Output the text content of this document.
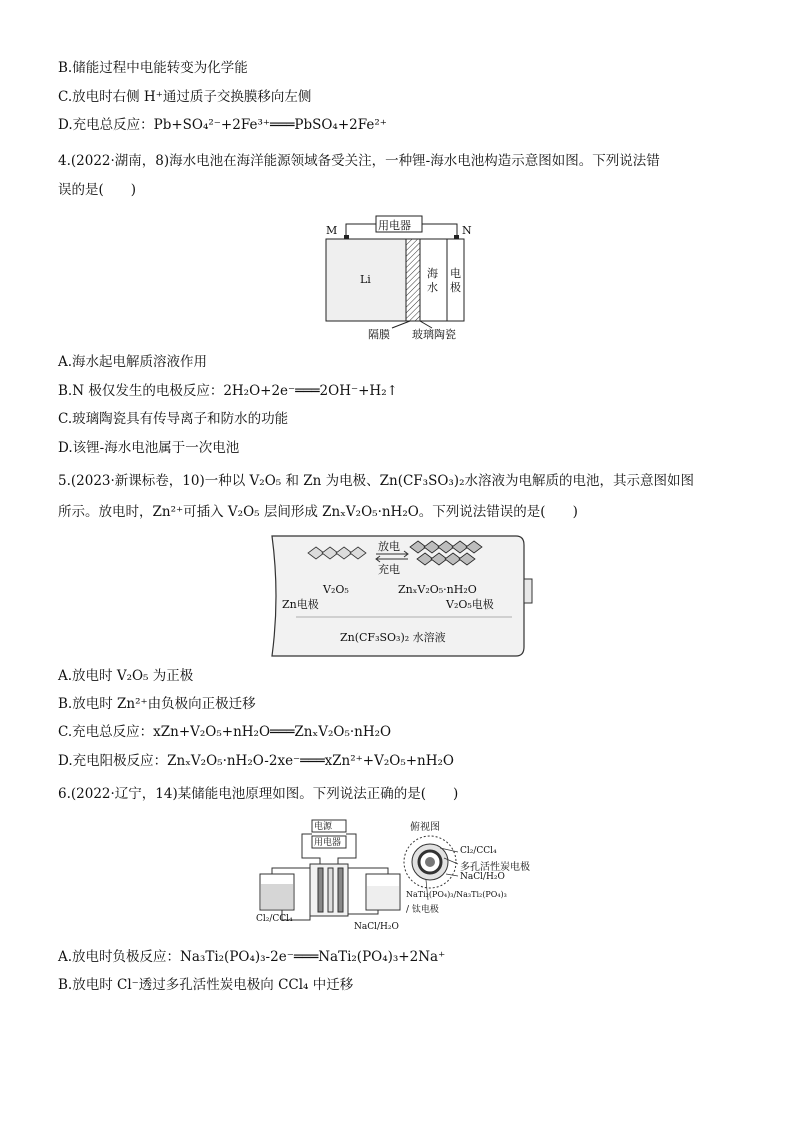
B.储能过程中电能转变为化学能
C.放电时右侧 H⁺通过质子交换膜移向左侧
D.充电总反应：Pb+SO₄²⁻+2Fe³⁺═══PbSO₄+2Fe²⁺
4.(2022·湖南，8)海水电池在海洋能源领域备受关注，一种锂-海水电池构造示意图如图。下列说法错
误的是(　　)
用电器
M	N
Li	海
水
电
极
隔膜 玻璃陶瓷
A.海水起电解质溶液作用
B.N 极仅发生的电极反应：2H₂O+2e⁻═══2OH⁻+H₂↑
C.玻璃陶瓷具有传导离子和防水的功能
D.该锂-海水电池属于一次电池
5.(2023·新课标卷，10)一种以 V₂O₅ 和 Zn 为电极、Zn(CF₃SO₃)₂水溶液为电解质的电池，其示意图如图
所示。放电时，Zn²⁺可插入 V₂O₅ 层间形成 ZnₓV₂O₅·nH₂O。下列说法错误的是(　　)
放电
充电
V₂O₅	ZnₓV₂O₅·nH₂O
Zn电极	V₂O₅电极
Zn(CF₃SO₃)₂ 水溶液
A.放电时 V₂O₅ 为正极
B.放电时 Zn²⁺由负极向正极迁移
C.充电总反应：xZn+V₂O₅+nH₂O═══ZnₓV₂O₅·nH₂O
D.充电阳极反应：ZnₓV₂O₅·nH₂O-2xe⁻═══xZn²⁺+V₂O₅+nH₂O
6.(2022·辽宁，14)某储能电池原理如图。下列说法正确的是(　　)
电源
用电器
俯视图
Cl₂/CCl₄
多孔活性炭电极
NaCl/H₂O
NaTi₂(PO₄)₃/Na₃Ti₂(PO₄)₃
/ 钛电极
Cl₂/CCl₄
NaCl/H₂O
A.放电时负极反应：Na₃Ti₂(PO₄)₃-2e⁻═══NaTi₂(PO₄)₃+2Na⁺
B.放电时 Cl⁻透过多孔活性炭电极向 CCl₄ 中迁移
